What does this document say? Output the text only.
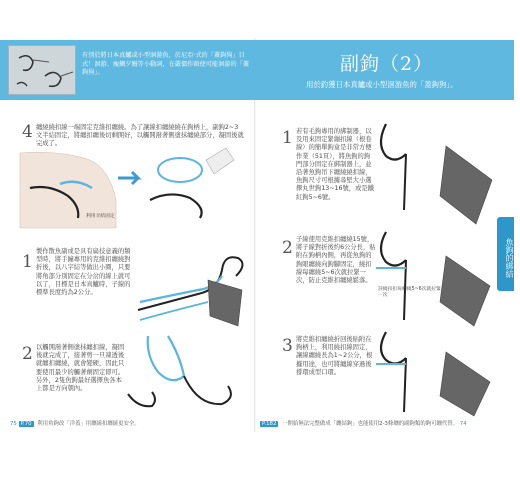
有別於將日本真鱸或小型洄游魚，於尼亞·式的「蓋鉤狗」目式！洄游、瘦鯛夕鰻等小動詞，在嚴價作頭使可能洄游的「蓋鉤狗」。	副鉤（2）
用於釣獲日本真鱸或小型洄游魚的「蓋鉤狗」。
4 纏繞繞扣線一端固定克維扣纏繞。為了讓線扣纏繞繞在鉤柄上，副鉤2~3文半結固定，將纏扣纏後切剩開好，以觸開潑著側塗抹纏繞部分，凝固後就完成了。
利用羊結固定
1
製作散魚副或是具有扁技意義的類型時，將手鐘專用的克維扣纏繞對折後，以八字結等做出小圈，只要將角部分別固定在分岔的線上就可以了，目標是日本真鱸時，子線的標準長度約為2公分。
2 以觸開潑著側塗抹纏扣線，凝固後就完成了，接著剪一旦凍透後就纏扣纏繞，就會變硬，因此只要使用最少的觸著劑固定即可。另外，2隻魚鉤最好選擇魚各本上都是方向朝內。
1 若有毛鉤專用的綁制器，以及用來固定緊繃扣線（根卷線）的簡單鉤盒是非常方便作業（51頁），將魚鉤的鉤門部分固定在綁制器上，並沿著魚鉤吊下纏繞繞扣線，魚鉤尺寸可根據尋堅大小選擇丸世鉤13~16號，或是鐵紅鉤5~6號。
2 子線使用克維扣纏繞15號，將子線對折後約6公分長，貼附在鉤柄內側，再從魚鉤的鉤眼纏繞向鉤腳固定，繞扣線每纏繞5~6次就拉緊一次，防止克維扣纏繞鬆落。
該繞扣扣每纏繞5~6次就拉緊一次
3 將克維扣纏繞折回後貼附在鉤柄上，利用繞扣線固定，讓線纏繞長為1~2公分，根據用途，也可將纏線穿過後撐環成型口環。
魚鉤的綁結
75 P.70 利用角鉤改「洋蓋」用纏繞扣纏繞更安全。	P.182 一開始無法完整做成「纏結鉤」也能使用2-3條纏的副鉤類的鉤可纏代替。 74
